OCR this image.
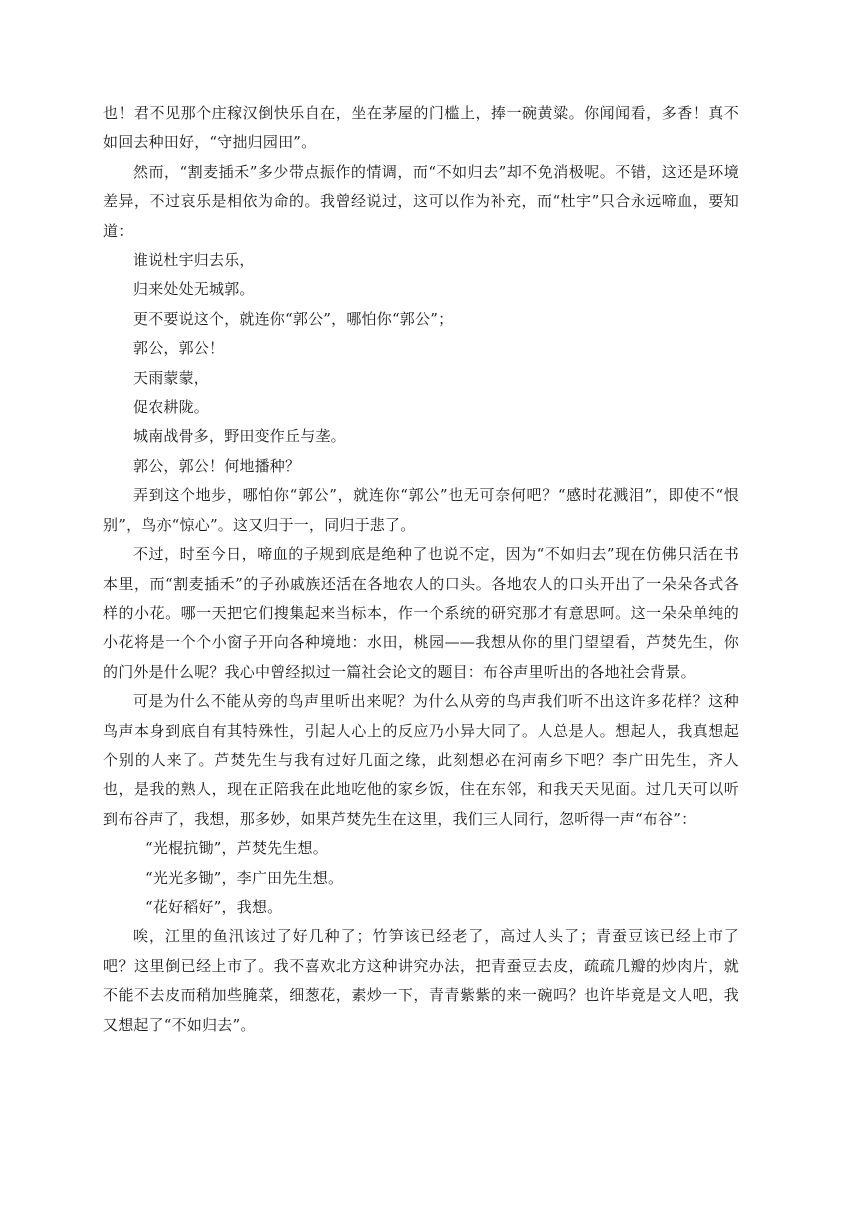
也！君不见那个庄稼汉倒快乐自在，坐在茅屋的门槛上，捧一碗黄粱。你闻闻看，多香！真不如回去种田好，“守拙归园田”。

然而，“割麦插禾”多少带点振作的情调，而“不如归去”却不免消极呢。不错，这还是环境差异，不过哀乐是相依为命的。我曾经说过，这可以作为补充，而“杜宇”只合永远啼血，要知道：

谁说杜宇归去乐，

归来处处无城郭。

更不要说这个，就连你“郭公”，哪怕你“郭公”；

郭公，郭公！

天雨蒙蒙，

促农耕陇。

城南战骨多，野田变作丘与垄。

郭公，郭公！何地播种？

弄到这个地步，哪怕你“郭公”，就连你“郭公”也无可奈何吧？“感时花溅泪”，即使不“恨别”，鸟亦“惊心”。这又归于一，同归于悲了。

不过，时至今日，啼血的子规到底是绝种了也说不定，因为“不如归去”现在仿佛只活在书本里，而“割麦插禾”的子孙戚族还活在各地农人的口头。各地农人的口头开出了一朵朵各式各样的小花。哪一天把它们搜集起来当标本，作一个系统的研究那才有意思呵。这一朵朵单纯的小花将是一个个小窗子开向各种境地：水田，桃园——我想从你的里门望望看，芦焚先生，你的门外是什么呢？我心中曾经拟过一篇社会论文的题目：布谷声里听出的各地社会背景。

可是为什么不能从旁的鸟声里听出来呢？为什么从旁的鸟声我们听不出这许多花样？这种鸟声本身到底自有其特殊性，引起人心上的反应乃小异大同了。人总是人。想起人，我真想起个别的人来了。芦焚先生与我有过好几面之缘，此刻想必在河南乡下吧？李广田先生，齐人也，是我的熟人，现在正陪我在此地吃他的家乡饭，住在东邻，和我天天见面。过几天可以听到布谷声了，我想，那多妙，如果芦焚先生在这里，我们三人同行，忽听得一声“布谷”：

“光棍抗锄”，芦焚先生想。

“光光多锄”，李广田先生想。

“花好稻好”，我想。

唉，江里的鱼汛该过了好几种了；竹笋该已经老了，高过人头了；青蚕豆该已经上市了吧？这里倒已经上市了。我不喜欢北方这种讲究办法，把青蚕豆去皮，疏疏几瓣的炒肉片，就不能不去皮而稍加些腌菜，细葱花，素炒一下，青青紫紫的来一碗吗？也许毕竟是文人吧，我又想起了“不如归去”。
